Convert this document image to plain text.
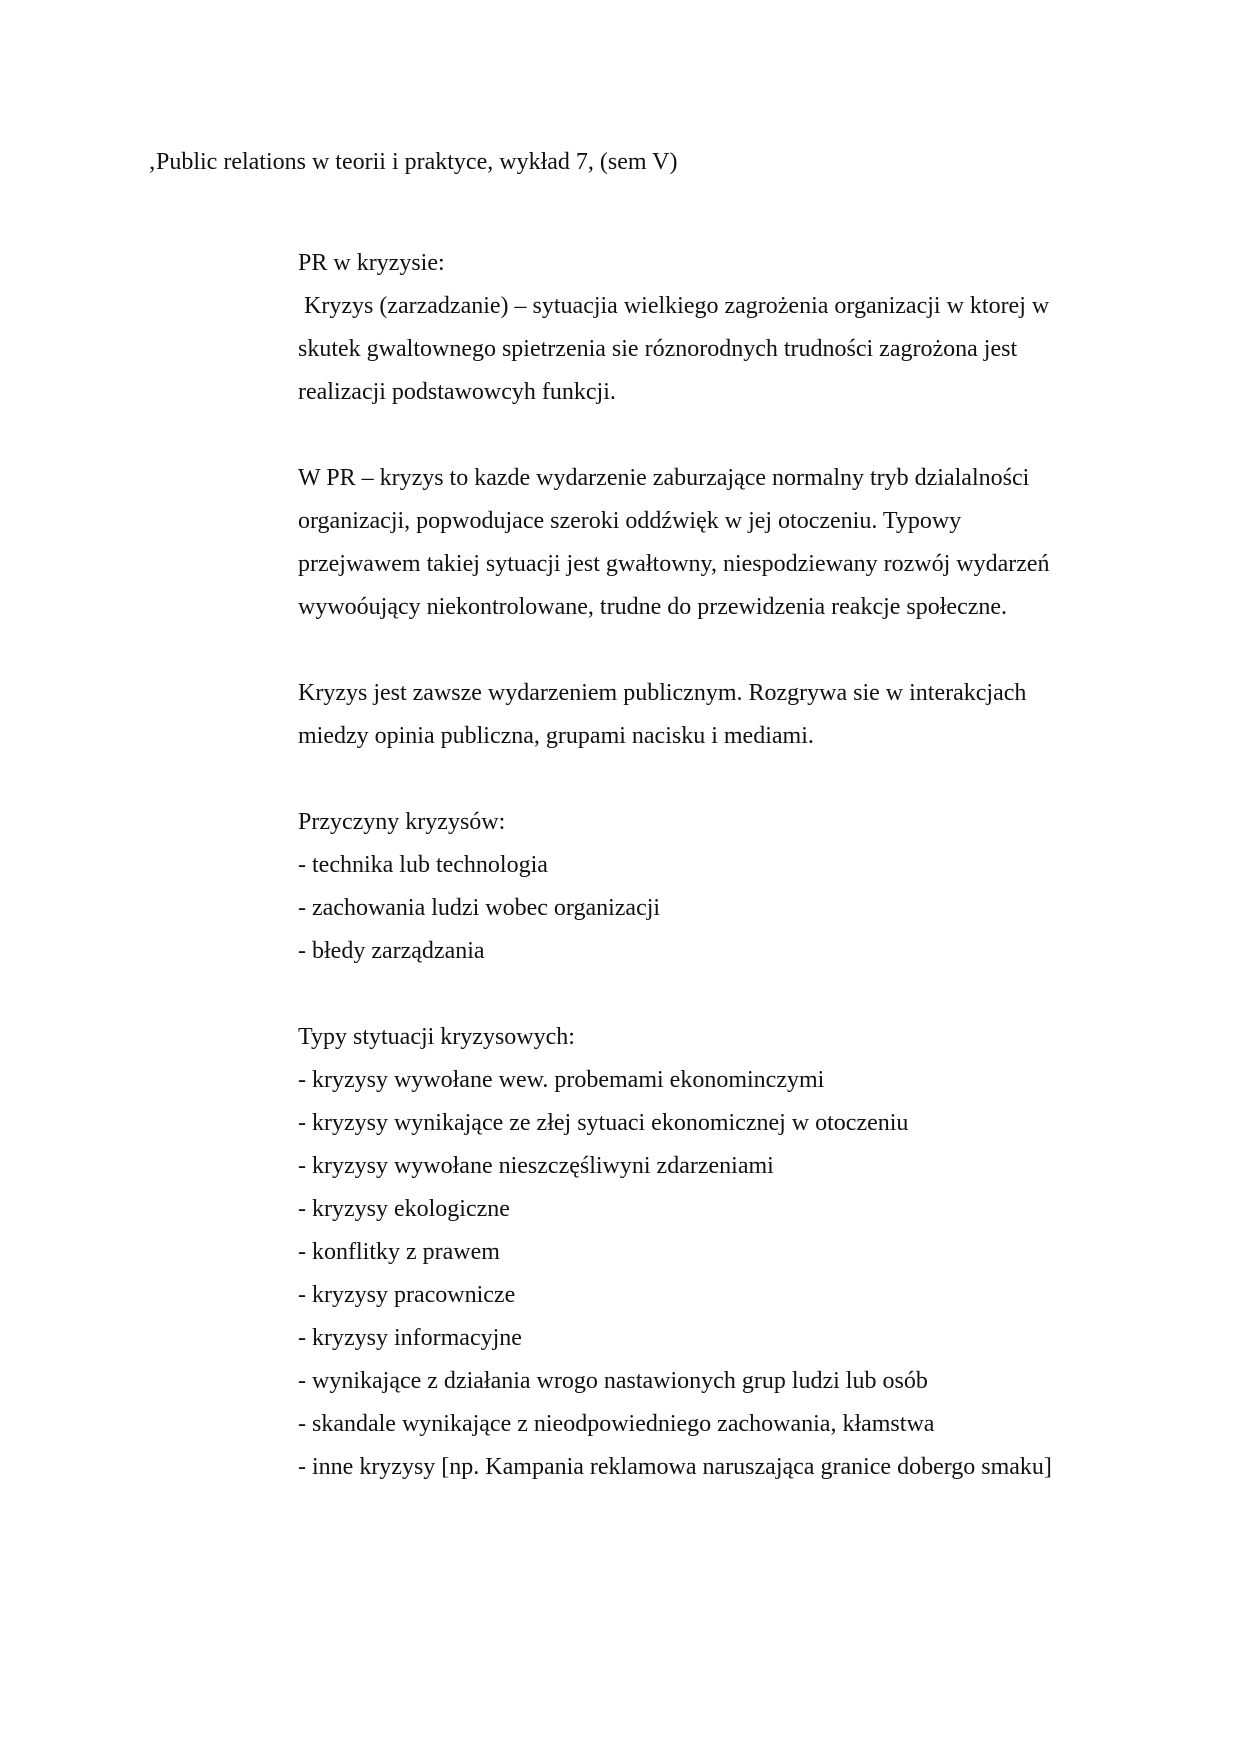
‚Public relations w teorii i praktyce, wykład 7, (sem V)
PR w kryzysie:
Kryzys (zarzadzanie) – sytuacjia wielkiego zagrożenia organizacji w ktorej w
skutek gwaltownego spietrzenia sie róznorodnych trudności zagrożona jest
realizacji podstawowcyh funkcji.
W PR – kryzys to kazde wydarzenie zaburzające normalny tryb dzialalności
organizacji, popwodujace szeroki oddźwięk w jej otoczeniu. Typowy
przejwawem takiej sytuacji jest gwałtowny, niespodziewany rozwój wydarzeń
wywoóujący niekontrolowane, trudne do przewidzenia reakcje społeczne.
Kryzys jest zawsze wydarzeniem publicznym. Rozgrywa sie w interakcjach
miedzy opinia publiczna, grupami nacisku i mediami.
Przyczyny kryzysów:
- technika lub technologia
- zachowania ludzi wobec organizacji
- błedy zarządzania
Typy stytuacji kryzysowych:
- kryzysy wywołane wew. probemami ekonominczymi
- kryzysy wynikające ze złej sytuaci ekonomicznej w otoczeniu
- kryzysy wywołane nieszczęśliwyni zdarzeniami
- kryzysy ekologiczne
- konflitky z prawem
- kryzysy pracownicze
- kryzysy informacyjne
- wynikające z działania wrogo nastawionych grup ludzi lub osób
- skandale wynikające z nieodpowiedniego zachowania, kłamstwa
- inne kryzysy [np. Kampania reklamowa naruszająca granice dobergo smaku]
